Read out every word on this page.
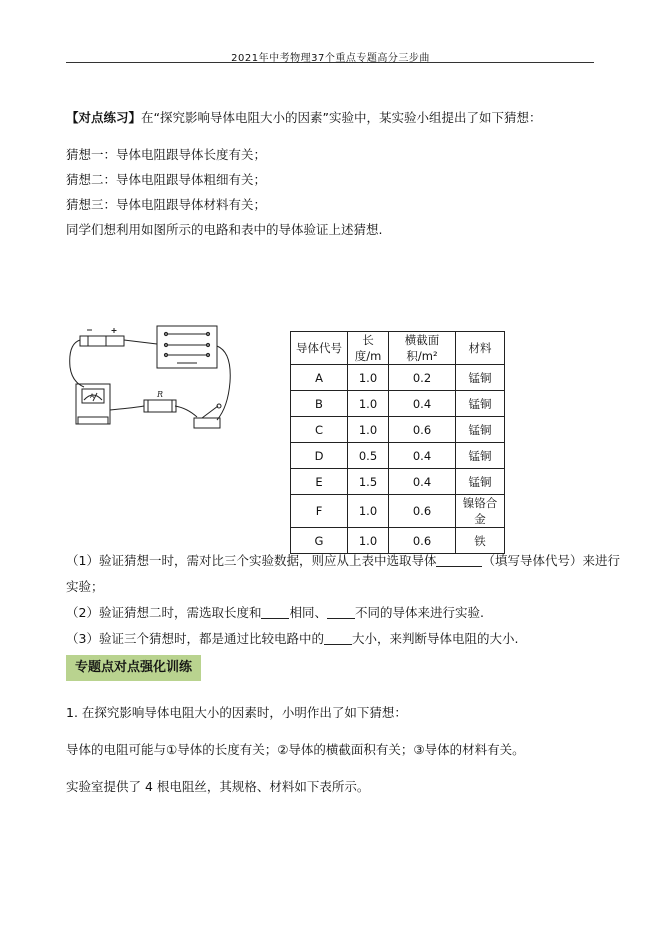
2021年中考物理37个重点专题高分三步曲
【对点练习】在“探究影响导体电阻大小的因素”实验中，某实验小组提出了如下猜想：
猜想一：导体电阻跟导体长度有关；
猜想二：导体电阻跟导体粗细有关；
猜想三：导体电阻跟导体材料有关；
同学们想利用如图所示的电路和表中的导体验证上述猜想.
R
A
导体代号	长度/m	横截面积/m²	材料
A	1.0	0.2	锰铜
B	1.0	0.4	锰铜
C	1.0	0.6	锰铜
D	0.5	0.4	锰铜
E	1.5	0.4	锰铜
F	1.0	0.6	镍铬合金
G	1.0	0.6	铁
（1）验证猜想一时，需对比三个实验数据，则应从上表中选取导体	（填写导体代号）来进行
实验；
（2）验证猜想二时，需选取长度和 相同、 不同的导体来进行实验.
（3）验证三个猜想时，都是通过比较电路中的 大小，来判断导体电阻的大小.
专题点对点强化训练
1. 在探究影响导体电阻大小的因素时，小明作出了如下猜想：
导体的电阻可能与①导体的长度有关；②导体的横截面积有关；③导体的材料有关。
实验室提供了 4 根电阻丝，其规格、材料如下表所示。
